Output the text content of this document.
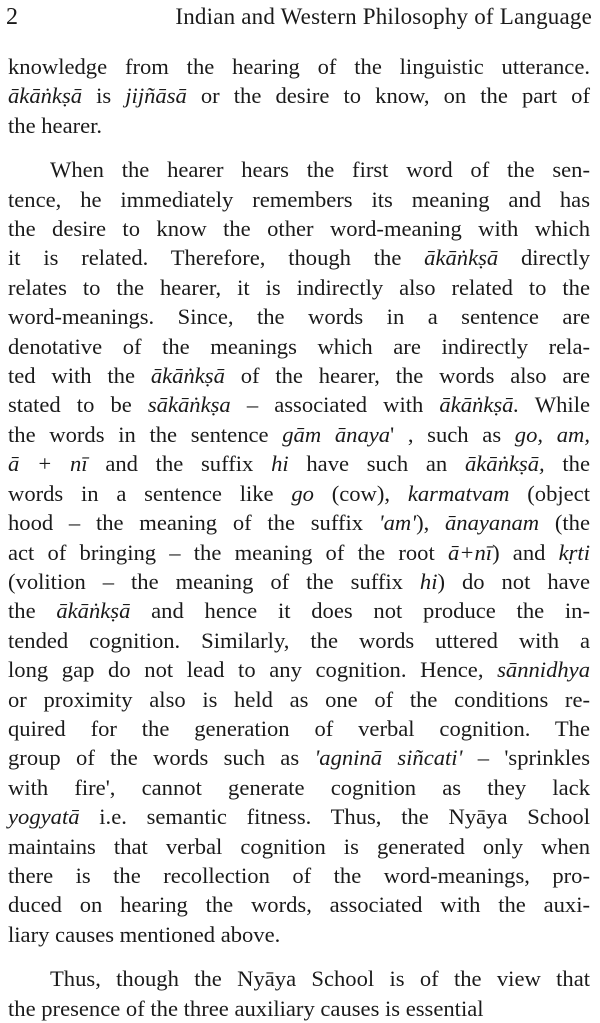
2	Indian and Western Philosophy of Language

knowledge from the hearing of the linguistic utterance.
ākāṅkṣā is jijñāsā or the desire to know, on the part of
the hearer.

When the hearer hears the first word of the sen-
tence, he immediately remembers its meaning and has
the desire to know the other word-meaning with which
it is related. Therefore, though the ākāṅkṣā directly
relates to the hearer, it is indirectly also related to the
word-meanings. Since, the words in a sentence are
denotative of the meanings which are indirectly rela-
ted with the ākāṅkṣā of the hearer, the words also are
stated to be sākāṅkṣa – associated with ākāṅkṣā. While
the words in the sentence gām ānaya' , such as go, am,
ā + nī and the suffix hi have such an ākāṅkṣā, the
words in a sentence like go (cow), karmatvam (object
hood – the meaning of the suffix 'am'), ānayanam (the
act of bringing – the meaning of the root ā+nī) and kṛti
(volition – the meaning of the suffix hi) do not have
the ākāṅkṣā and hence it does not produce the in-
tended cognition. Similarly, the words uttered with a
long gap do not lead to any cognition. Hence, sānnidhya
or proximity also is held as one of the conditions re-
quired for the generation of verbal cognition. The
group of the words such as 'agninā siñcati' – 'sprinkles
with fire', cannot generate cognition as they lack
yogyatā i.e. semantic fitness. Thus, the Nyāya School
maintains that verbal cognition is generated only when
there is the recollection of the word-meanings, pro-
duced on hearing the words, associated with the auxi-
liary causes mentioned above.

Thus, though the Nyāya School is of the view that
the presence of the three auxiliary causes is essential
